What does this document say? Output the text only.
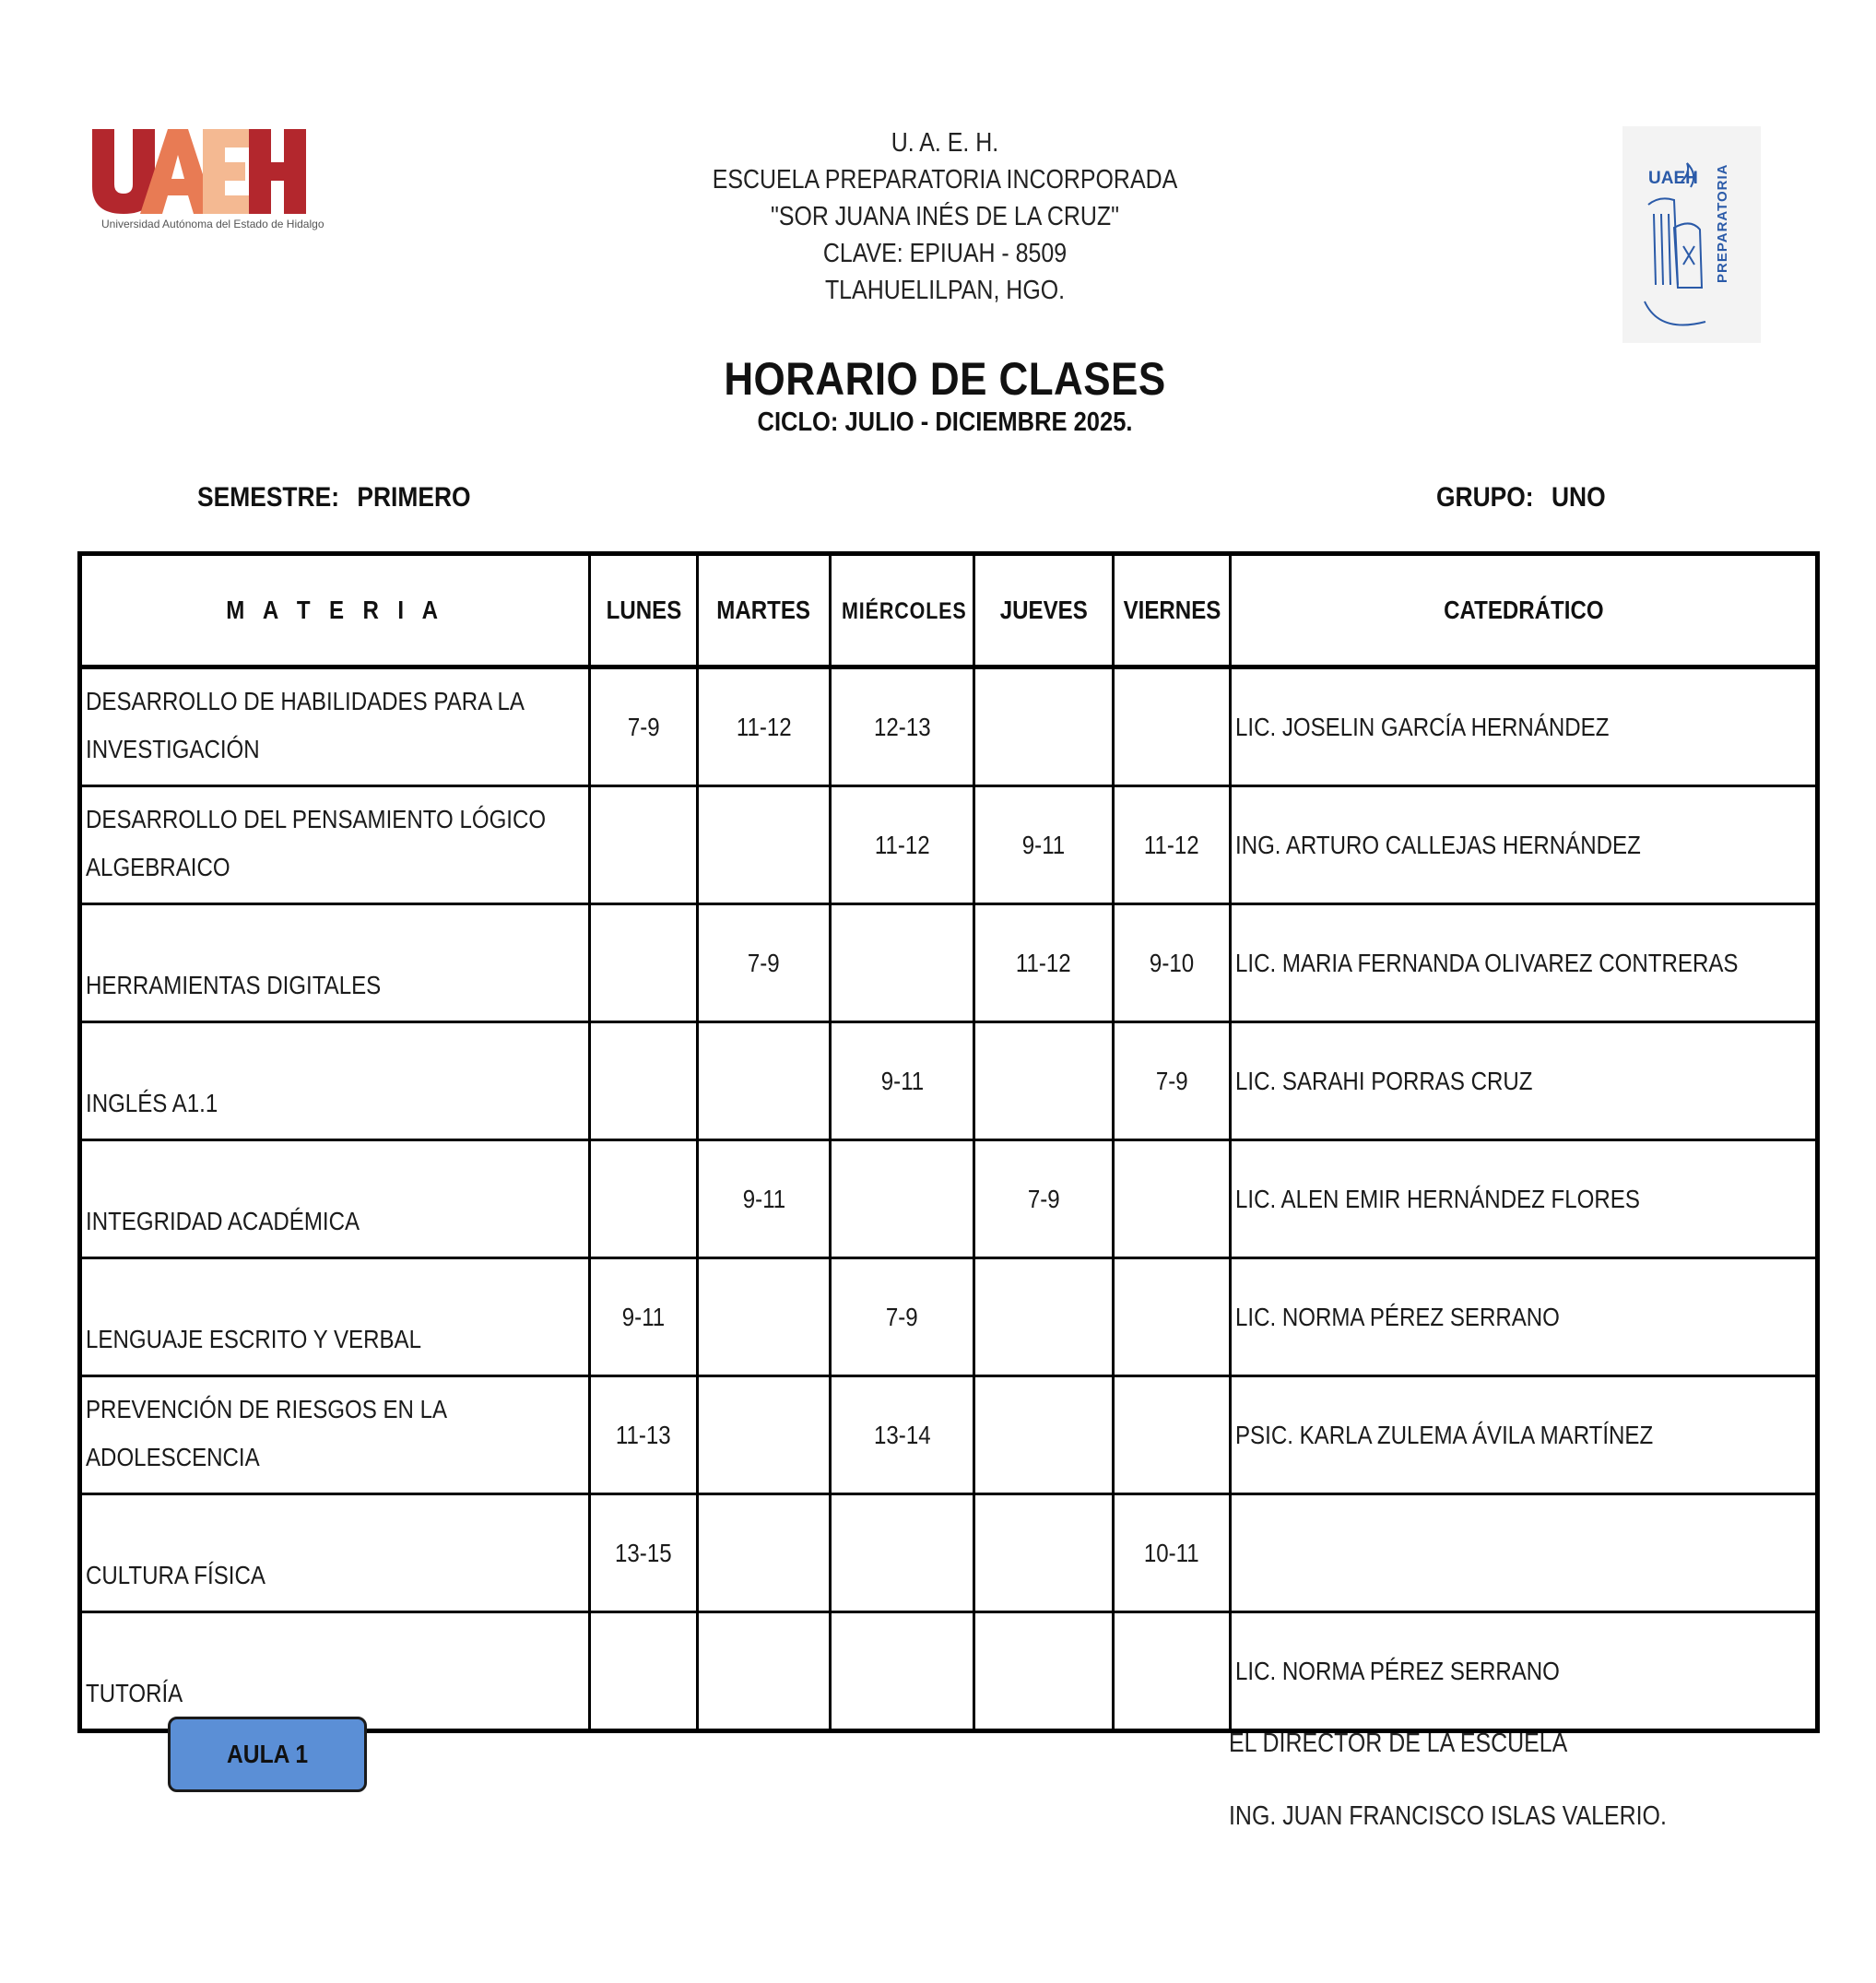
Universidad Autónoma del Estado de Hidalgo
UAEH PREPARATORIA
U. A. E. H.
ESCUELA PREPARATORIA INCORPORADA
"SOR JUANA INÉS DE LA CRUZ"
CLAVE: EPIUAH - 8509
TLAHUELILPAN, HGO.
HORARIO DE CLASES
CICLO: JULIO - DICIEMBRE 2025.
SEMESTRE: PRIMERO	GRUPO: UNO
M A T E R I A	LUNES	MARTES	MIÉRCOLES	JUEVES	VIERNES	CATEDRÁTICO
DESARROLLO DE HABILIDADES PARA LA INVESTIGACIÓN	7-9	11-12	12-13			LIC. JOSELIN GARCÍA HERNÁNDEZ
DESARROLLO DEL PENSAMIENTO LÓGICO ALGEBRAICO			11-12	9-11	11-12	ING. ARTURO CALLEJAS HERNÁNDEZ
HERRAMIENTAS DIGITALES		7-9		11-12	9-10	LIC. MARIA FERNANDA OLIVAREZ CONTRERAS
INGLÉS A1.1			9-11		7-9	LIC. SARAHI PORRAS CRUZ
INTEGRIDAD ACADÉMICA		9-11		7-9		LIC. ALEN EMIR HERNÁNDEZ FLORES
LENGUAJE ESCRITO Y VERBAL	9-11		7-9			LIC. NORMA PÉREZ SERRANO
PREVENCIÓN DE RIESGOS EN LA ADOLESCENCIA	11-13		13-14			PSIC. KARLA ZULEMA ÁVILA MARTÍNEZ
CULTURA FÍSICA	13-15				10-11	
TUTORÍA						LIC. NORMA PÉREZ SERRANO
AULA 1	EL DIRECTOR DE LA ESCUELA
ING. JUAN FRANCISCO ISLAS VALERIO.
